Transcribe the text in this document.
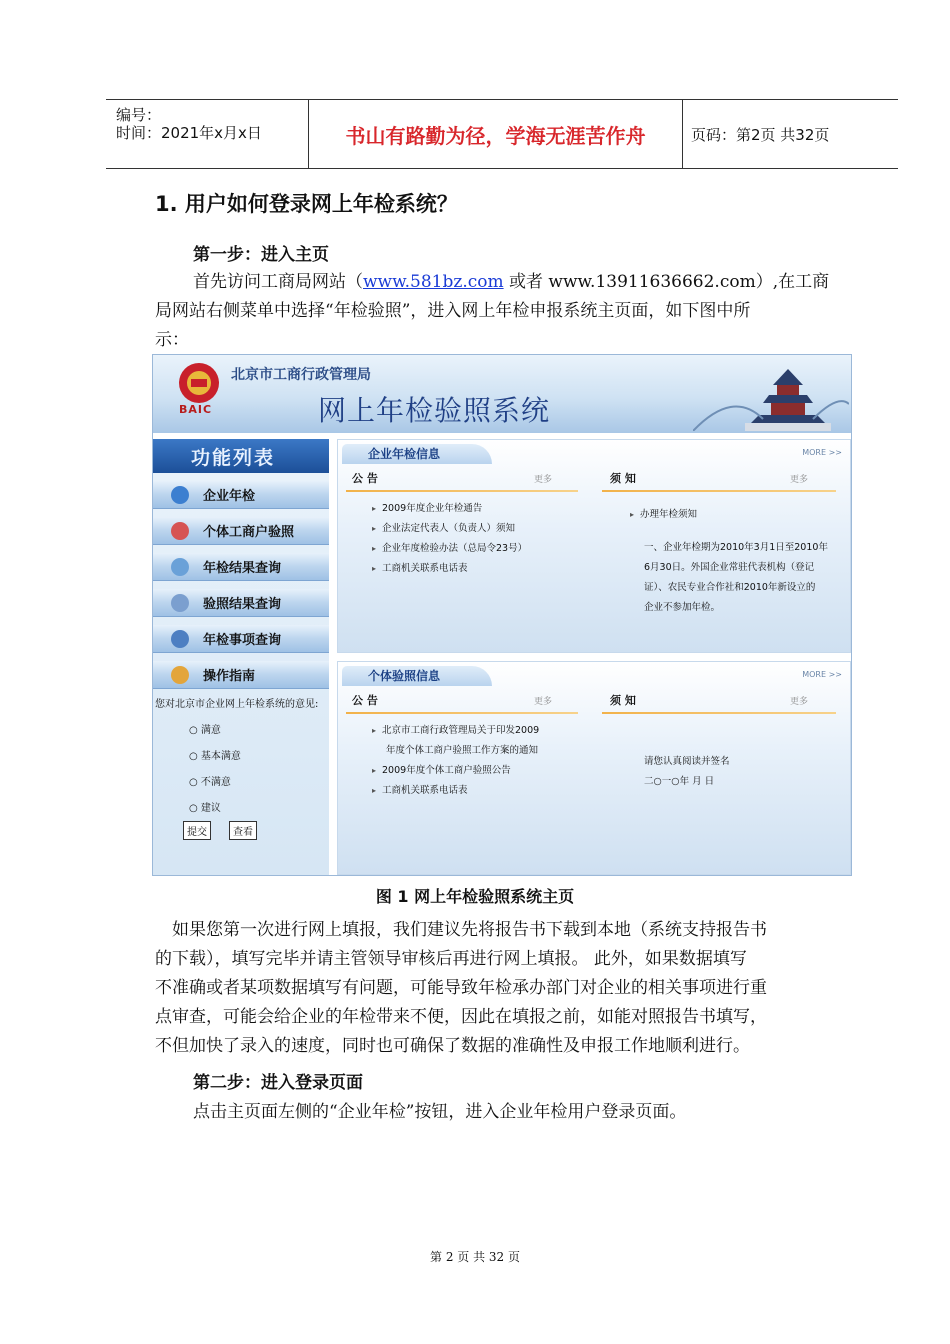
编号：
时间：2021年x月x日	书山有路勤为径，学海无涯苦作舟	页码：第2页 共32页
1. 用户如何登录网上年检系统？
第一步：进入主页
首先访问工商局网站（www.581bz.com 或者 www.13911636662.com）,在工商
局网站右侧菜单中选择“年检验照”，进入网上年检申报系统主页面，如下图中所
示：
BAIC
北京市工商行政管理局
网上年检验照系统
功能列表
企业年检
个体工商户验照
年检结果查询
验照结果查询
年检事项查询
操作指南
您对北京市企业网上年检系统的意见:
○ 满意
○ 基本满意
○ 不满意
○ 建议
提交	查看
企业年检信息	MORE >>
公 告	更多
▸ 2009年度企业年检通告
▸ 企业法定代表人（负责人）须知
▸ 企业年度检验办法（总局令23号）
▸ 工商机关联系电话表
须 知	更多
▸ 办理年检须知
一、企业年检期为2010年3月1日至2010年
6月30日。外国企业常驻代表机构（登记
证）、农民专业合作社和2010年新设立的
企业不参加年检。
个体验照信息	MORE >>
公 告	更多
▸ 北京市工商行政管理局关于印发2009
年度个体工商户验照工作方案的通知
▸ 2009年度个体工商户验照公告
▸ 工商机关联系电话表
须 知	更多
请您认真阅读并签名
二○一○年 月 日
图 1 网上年检验照系统主页
如果您第一次进行网上填报，我们建议先将报告书下载到本地（系统支持报告书
的下载），填写完毕并请主管领导审核后再进行网上填报。 此外，如果数据填写
不准确或者某项数据填写有问题，可能导致年检承办部门对企业的相关事项进行重
点审查，可能会给企业的年检带来不便，因此在填报之前，如能对照报告书填写，
不但加快了录入的速度，同时也可确保了数据的准确性及申报工作地顺利进行。
第二步：进入登录页面
点击主页面左侧的“企业年检”按钮，进入企业年检用户登录页面。
第 2 页 共 32 页
